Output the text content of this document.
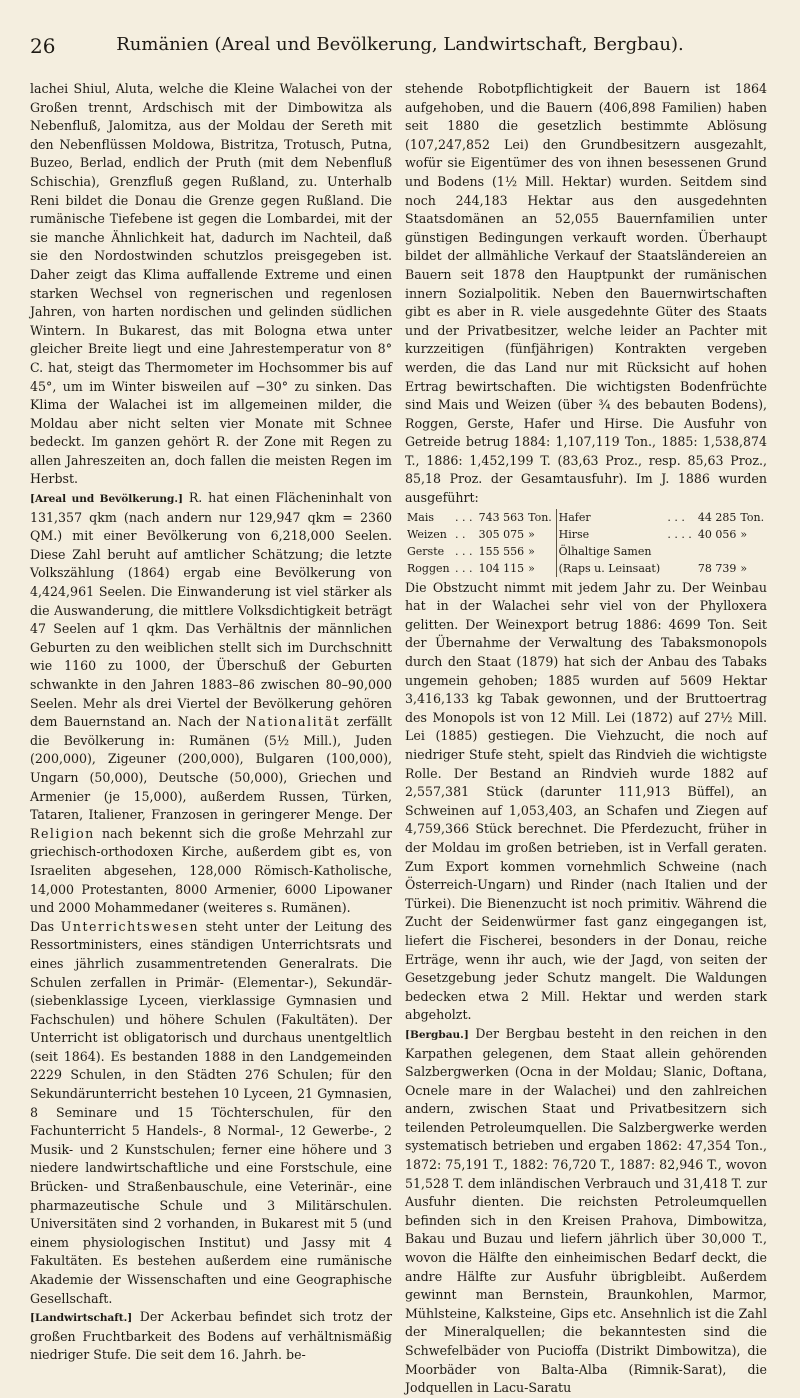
26	Rumänien (Areal und Bevölkerung, Landwirtschaft, Bergbau).

lachei Shiul, Aluta, welche die Kleine Walachei von der Großen trennt, Ardschisch mit der Dimbowitza als Nebenfluß, Jalomitza, aus der Moldau der Sereth mit den Nebenflüssen Moldowa, Bistritza, Trotusch, Putna, Buzeo, Berlad, endlich der Pruth (mit dem Nebenfluß Schischia), Grenzfluß gegen Rußland, zu. Unterhalb Reni bildet die Donau die Grenze gegen Rußland. Die rumänische Tiefebene ist gegen die Lombardei, mit der sie manche Ähnlichkeit hat, dadurch im Nachteil, daß sie den Nordostwinden schutzlos preisgegeben ist. Daher zeigt das Klima auffallende Extreme und einen starken Wechsel von regnerischen und regenlosen Jahren, von harten nordischen und gelinden südlichen Wintern. In Bukarest, das mit Bologna etwa unter gleicher Breite liegt und eine Jahrestemperatur von 8° C. hat, steigt das Thermometer im Hochsommer bis auf 45°, um im Winter bisweilen auf −30° zu sinken. Das Klima der Walachei ist im allgemeinen milder, die Moldau aber nicht selten vier Monate mit Schnee bedeckt. Im ganzen gehört R. der Zone mit Regen zu allen Jahreszeiten an, doch fallen die meisten Regen im Herbst.

[Areal und Bevölkerung.] R. hat einen Flächeninhalt von 131,357 qkm (nach andern nur 129,947 qkm = 2360 QM.) mit einer Bevölkerung von 6,218,000 Seelen. Diese Zahl beruht auf amtlicher Schätzung; die letzte Volkszählung (1864) ergab eine Bevölkerung von 4,424,961 Seelen. Die Einwanderung ist viel stärker als die Auswanderung, die mittlere Volksdichtigkeit beträgt 47 Seelen auf 1 qkm. Das Verhältnis der männlichen Geburten zu den weiblichen stellt sich im Durchschnitt wie 1160 zu 1000, der Überschuß der Geburten schwankte in den Jahren 1883–86 zwischen 80–90,000 Seelen. Mehr als drei Viertel der Bevölkerung gehören dem Bauernstand an. Nach der Nationalität zerfällt die Bevölkerung in: Rumänen (5½ Mill.), Juden (200,000), Zigeuner (200,000), Bulgaren (100,000), Ungarn (50,000), Deutsche (50,000), Griechen und Armenier (je 15,000), außerdem Russen, Türken, Tataren, Italiener, Franzosen in geringerer Menge. Der Religion nach bekennt sich die große Mehrzahl zur griechisch-orthodoxen Kirche, außerdem gibt es, von Israeliten abgesehen, 128,000 Römisch-Katholische, 14,000 Protestanten, 8000 Armenier, 6000 Lipowaner und 2000 Mohammedaner (weiteres s. Rumänen).

Das Unterrichtswesen steht unter der Leitung des Ressortministers, eines ständigen Unterrichtsrats und eines jährlich zusammentretenden Generalrats. Die Schulen zerfallen in Primär- (Elementar-), Sekundär- (siebenklassige Lyceen, vierklassige Gymnasien und Fachschulen) und höhere Schulen (Fakultäten). Der Unterricht ist obligatorisch und durchaus unentgeltlich (seit 1864). Es bestanden 1888 in den Landgemeinden 2229 Schulen, in den Städten 276 Schulen; für den Sekundärunterricht bestehen 10 Lyceen, 21 Gymnasien, 8 Seminare und 15 Töchterschulen, für den Fachunterricht 5 Handels-, 8 Normal-, 12 Gewerbe-, 2 Musik- und 2 Kunstschulen; ferner eine höhere und 3 niedere landwirtschaftliche und eine Forstschule, eine Brücken- und Straßenbauschule, eine Veterinär-, eine pharmazeutische Schule und 3 Militärschulen. Universitäten sind 2 vorhanden, in Bukarest mit 5 (und einem physiologischen Institut) und Jassy mit 4 Fakultäten. Es bestehen außerdem eine rumänische Akademie der Wissenschaften und eine Geographische Gesellschaft.

[Landwirtschaft.] Der Ackerbau befindet sich trotz der großen Fruchtbarkeit des Bodens auf verhältnismäßig niedriger Stufe. Die seit dem 16. Jahrh. be-

stehende Robotpflichtigkeit der Bauern ist 1864 aufgehoben, und die Bauern (406,898 Familien) haben seit 1880 die gesetzlich bestimmte Ablösung (107,247,852 Lei) den Grundbesitzern ausgezahlt, wofür sie Eigentümer des von ihnen besessenen Grund und Bodens (1½ Mill. Hektar) wurden. Seitdem sind noch 244,183 Hektar aus den ausgedehnten Staatsdomänen an 52,055 Bauernfamilien unter günstigen Bedingungen verkauft worden. Überhaupt bildet der allmähliche Verkauf der Staatsländereien an Bauern seit 1878 den Hauptpunkt der rumänischen innern Sozialpolitik. Neben den Bauernwirtschaften gibt es aber in R. viele ausgedehnte Güter des Staats und der Privatbesitzer, welche leider an Pachter mit kurzzeitigen (fünfjährigen) Kontrakten vergeben werden, die das Land nur mit Rücksicht auf hohen Ertrag bewirtschaften. Die wichtigsten Bodenfrüchte sind Mais und Weizen (über ¾ des bebauten Bodens), Roggen, Gerste, Hafer und Hirse. Die Ausfuhr von Getreide betrug 1884: 1,107,119 Ton., 1885: 1,538,874 T., 1886: 1,452,199 T. (83,63 Proz., resp. 85,63 Proz., 85,18 Proz. der Gesamtausfuhr). Im J. 1886 wurden ausgeführt:

Mais	. . .	743 563	Ton.		Hafer	. . .	44 285	Ton.
Weizen	. .	305 075	»		Hirse	. . . .	40 056	»
Gerste	. . .	155 556	»		Ölhaltige Samen			
Roggen	. . .	104 115	»		(Raps u. Leinsaat)		78 739	»

Die Obstzucht nimmt mit jedem Jahr zu. Der Weinbau hat in der Walachei sehr viel von der Phylloxera gelitten. Der Weinexport betrug 1886: 4699 Ton. Seit der Übernahme der Verwaltung des Tabaksmonopols durch den Staat (1879) hat sich der Anbau des Tabaks ungemein gehoben; 1885 wurden auf 5609 Hektar 3,416,133 kg Tabak gewonnen, und der Bruttoertrag des Monopols ist von 12 Mill. Lei (1872) auf 27½ Mill. Lei (1885) gestiegen. Die Viehzucht, die noch auf niedriger Stufe steht, spielt das Rindvieh die wichtigste Rolle. Der Bestand an Rindvieh wurde 1882 auf 2,557,381 Stück (darunter 111,913 Büffel), an Schweinen auf 1,053,403, an Schafen und Ziegen auf 4,759,366 Stück berechnet. Die Pferdezucht, früher in der Moldau im großen betrieben, ist in Verfall geraten. Zum Export kommen vornehmlich Schweine (nach Österreich-Ungarn) und Rinder (nach Italien und der Türkei). Die Bienenzucht ist noch primitiv. Während die Zucht der Seidenwürmer fast ganz eingegangen ist, liefert die Fischerei, besonders in der Donau, reiche Erträge, wenn ihr auch, wie der Jagd, von seiten der Gesetzgebung jeder Schutz mangelt. Die Waldungen bedecken etwa 2 Mill. Hektar und werden stark abgeholzt.

[Bergbau.] Der Bergbau besteht in den reichen in den Karpathen gelegenen, dem Staat allein gehörenden Salzbergwerken (Ocna in der Moldau; Slanic, Doftana, Ocnele mare in der Walachei) und den zahlreichen andern, zwischen Staat und Privatbesitzern sich teilenden Petroleumquellen. Die Salzbergwerke werden systematisch betrieben und ergaben 1862: 47,354 Ton., 1872: 75,191 T., 1882: 76,720 T., 1887: 82,946 T., wovon 51,528 T. dem inländischen Verbrauch und 31,418 T. zur Ausfuhr dienten. Die reichsten Petroleumquellen befinden sich in den Kreisen Prahova, Dimbowitza, Bakau und Buzau und liefern jährlich über 30,000 T., wovon die Hälfte den einheimischen Bedarf deckt, die andre Hälfte zur Ausfuhr übrigbleibt. Außerdem gewinnt man Bernstein, Braunkohlen, Marmor, Mühlsteine, Kalksteine, Gips etc. Ansehnlich ist die Zahl der Mineralquellen; die bekanntesten sind die Schwefelbäder von Pucioffa (Distrikt Dimbowitza), die Moorbäder von Balta-Alba (Rimnik-Sarat), die Jodquellen in Lacu-Saratu
